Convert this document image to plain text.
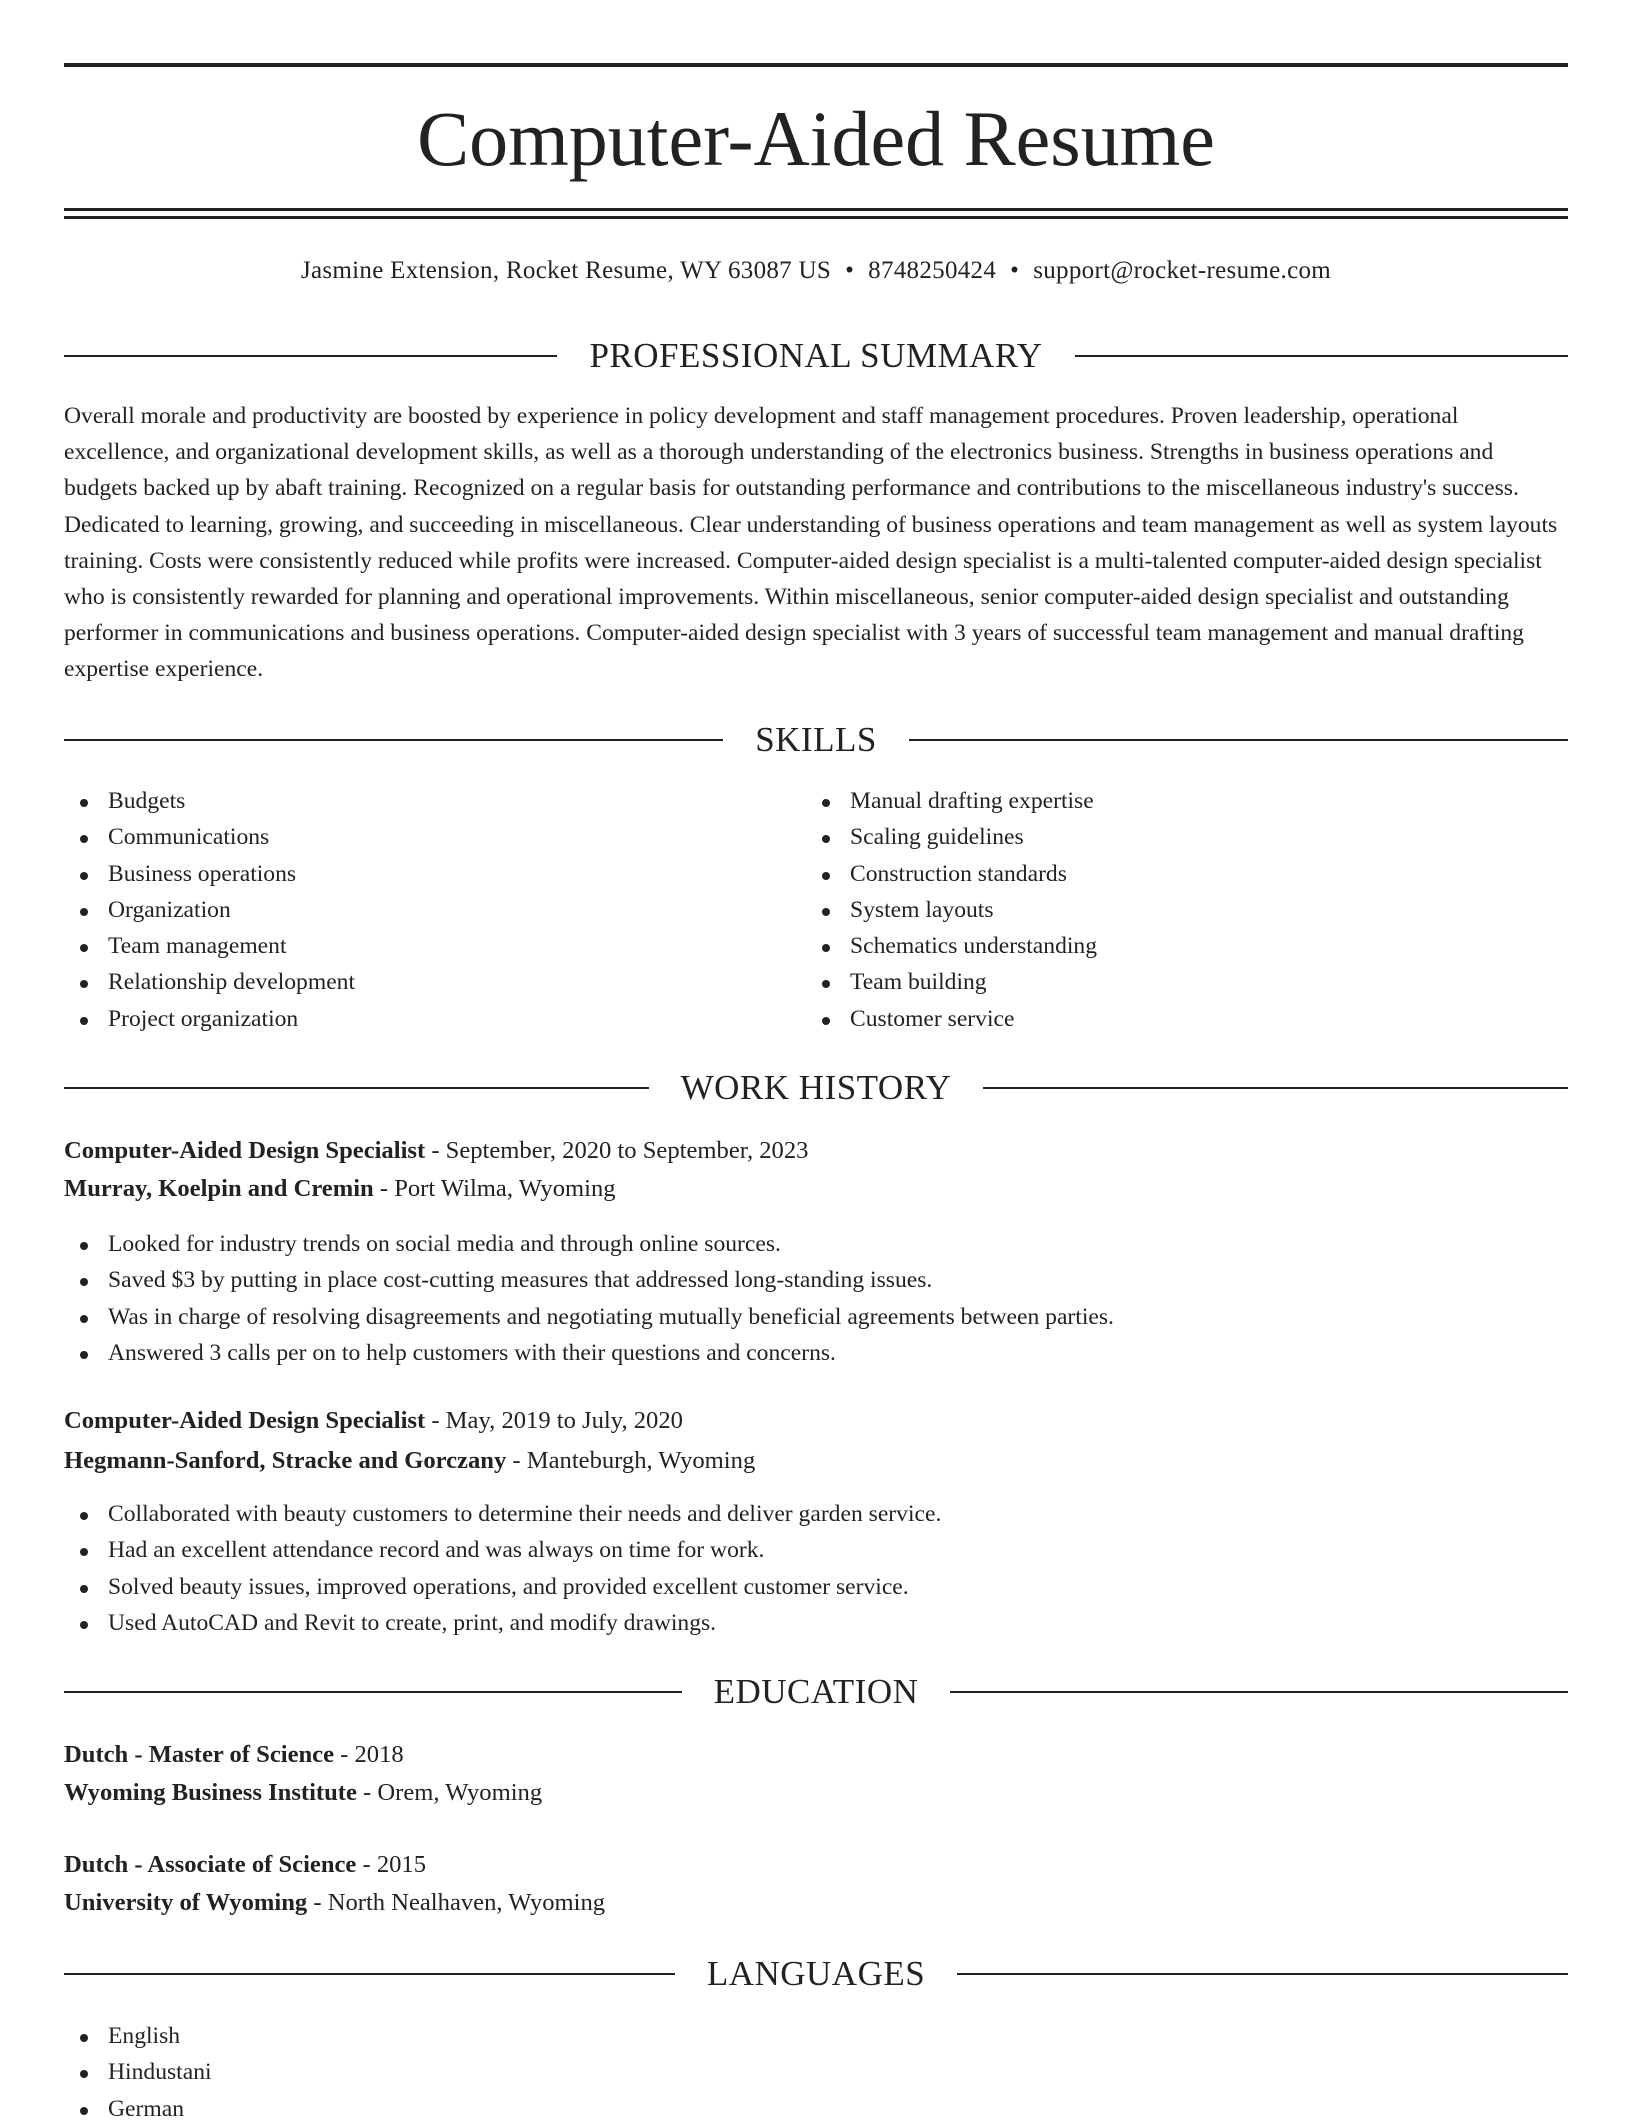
Computer-Aided Resume
Jasmine Extension, Rocket Resume, WY 63087 US • 8748250424 • support@rocket-resume.com
PROFESSIONAL SUMMARY

Overall morale and productivity are boosted by experience in policy development and staff management procedures. Proven leadership, operational excellence, and organizational development skills, as well as a thorough understanding of the electronics business. Strengths in business operations and budgets backed up by abaft training. Recognized on a regular basis for outstanding performance and contributions to the miscellaneous industry's success. Dedicated to learning, growing, and succeeding in miscellaneous. Clear understanding of business operations and team management as well as system layouts training. Costs were consistently reduced while profits were increased. Computer-aided design specialist is a multi-talented computer-aided design specialist who is consistently rewarded for planning and operational improvements. Within miscellaneous, senior computer-aided design specialist and outstanding performer in communications and business operations. Computer-aided design specialist with 3 years of successful team management and manual drafting expertise experience.

SKILLS
Budgets
Communications
Business operations
Organization
Team management
Relationship development
Project organization
Manual drafting expertise
Scaling guidelines
Construction standards
System layouts
Schematics understanding
Team building
Customer service
WORK HISTORY
Computer-Aided Design Specialist - September, 2020 to September, 2023
Murray, Koelpin and Cremin - Port Wilma, Wyoming
Looked for industry trends on social media and through online sources.
Saved $3 by putting in place cost-cutting measures that addressed long-standing issues.
Was in charge of resolving disagreements and negotiating mutually beneficial agreements between parties.
Answered 3 calls per on to help customers with their questions and concerns.
Computer-Aided Design Specialist - May, 2019 to July, 2020
Hegmann-Sanford, Stracke and Gorczany - Manteburgh, Wyoming
Collaborated with beauty customers to determine their needs and deliver garden service.
Had an excellent attendance record and was always on time for work.
Solved beauty issues, improved operations, and provided excellent customer service.
Used AutoCAD and Revit to create, print, and modify drawings.
EDUCATION
Dutch - Master of Science - 2018
Wyoming Business Institute - Orem, Wyoming
Dutch - Associate of Science - 2015
University of Wyoming - North Nealhaven, Wyoming
LANGUAGES
English
Hindustani
German
